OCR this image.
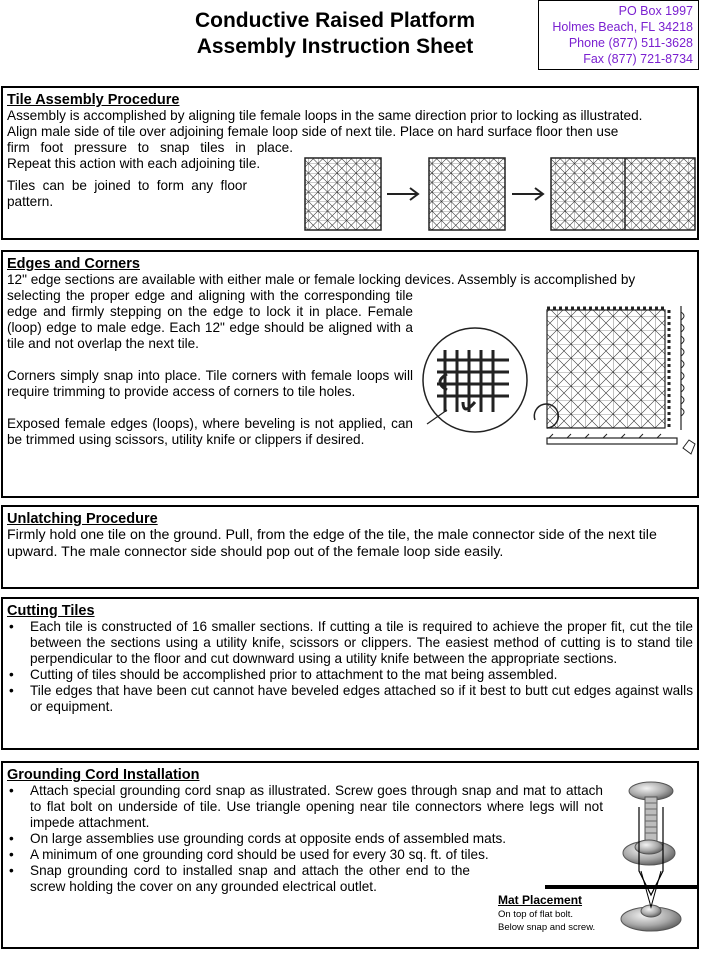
Conductive Raised Platform
Assembly Instruction Sheet
PO Box 1997
Holmes Beach, FL 34218
Phone (877) 511-3628
Fax (877) 721-8734
Tile Assembly Procedure
Assembly is accomplished by aligning tile female loops in the same direction prior to locking as illustrated.
Align male side of tile over adjoining female loop side of next tile. Place on hard surface floor then use
firm foot pressure to snap tiles in place.
Repeat this action with each adjoining tile.
Tiles can be joined to form any floor pattern.
Edges and Corners
12" edge sections are available with either male or female locking devices. Assembly is accomplished by
selecting the proper edge and aligning with the corresponding tile edge and firmly stepping on the edge to lock it in place. Female (loop) edge to male edge. Each 12" edge should be aligned with a tile and not overlap the next tile.
Corners simply snap into place. Tile corners with female loops will require trimming to provide access of corners to tile holes.
Exposed female edges (loops), where beveling is not applied, can be trimmed using scissors, utility knife or clippers if desired.
Unlatching Procedure
Firmly hold one tile on the ground. Pull, from the edge of the tile, the male connector side of the next tile upward. The male connector side should pop out of the female loop side easily.
Cutting Tiles
• Each tile is constructed of 16 smaller sections. If cutting a tile is required to achieve the proper fit, cut the tile between the sections using a utility knife, scissors or clippers. The easiest method of cutting is to stand tile perpendicular to the floor and cut downward using a utility knife between the appropriate sections.
• Cutting of tiles should be accomplished prior to attachment to the mat being assembled.
• Tile edges that have been cut cannot have beveled edges attached so if it best to butt cut edges against walls or equipment.
Grounding Cord Installation
• Attach special grounding cord snap as illustrated. Screw goes through snap and mat to attach to flat bolt on underside of tile. Use triangle opening near tile connectors where legs will not impede attachment.
• On large assemblies use grounding cords at opposite ends of assembled mats.
• A minimum of one grounding cord should be used for every 30 sq. ft. of tiles.
• Snap grounding cord to installed snap and attach the other end to the screw holding the cover on any grounded electrical outlet.
Mat Placement
On top of flat bolt.
Below snap and screw.
